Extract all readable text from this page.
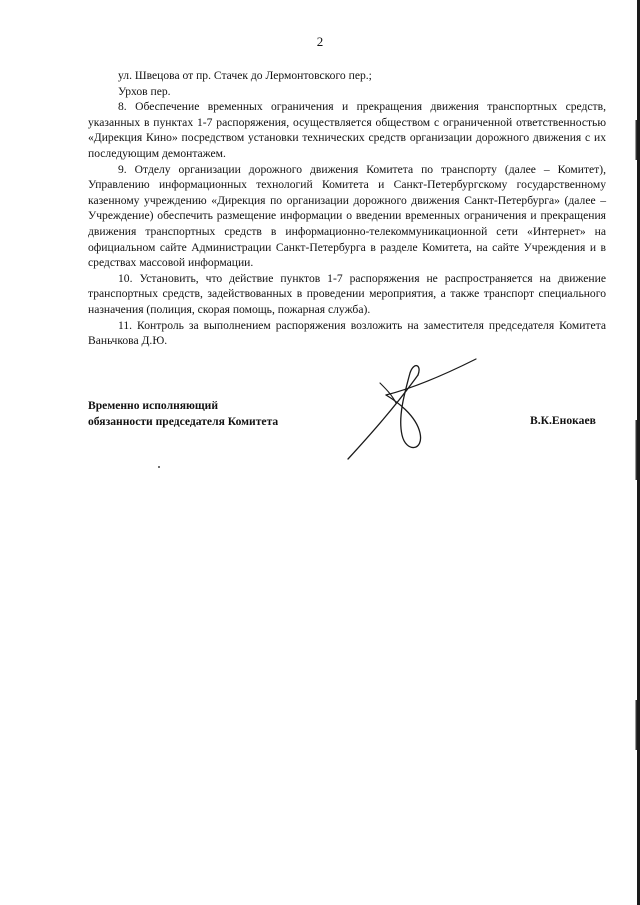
2

ул. Швецова от пр. Стачек до Лермонтовского пер.;

Урхов пер.

8. Обеспечение временных ограничения и прекращения движения транспортных средств, указанных в пунктах 1-7 распоряжения, осуществляется обществом с ограниченной ответственностью «Дирекция Кино» посредством установки технических средств организации дорожного движения с их последующим демонтажем.

9. Отделу организации дорожного движения Комитета по транспорту (далее – Комитет), Управлению информационных технологий Комитета и Санкт-Петербургскому государственному казенному учреждению «Дирекция по организации дорожного движения Санкт-Петербурга» (далее – Учреждение) обеспечить размещение информации о введении временных ограничения и прекращения движения транспортных средств в информационно-телекоммуникационной сети «Интернет» на официальном сайте Администрации Санкт-Петербурга в разделе Комитета, на сайте Учреждения и в средствах массовой информации.

10. Установить, что действие пунктов 1-7 распоряжения не распространяется на движение транспортных средств, задействованных в проведении мероприятия, а также транспорт специального назначения (полиция, скорая помощь, пожарная служба).

11. Контроль за выполнением распоряжения возложить на заместителя председателя Комитета Ваньчкова Д.Ю.

Временно исполняющий
обязанности председателя Комитета	В.К.Енокаев
